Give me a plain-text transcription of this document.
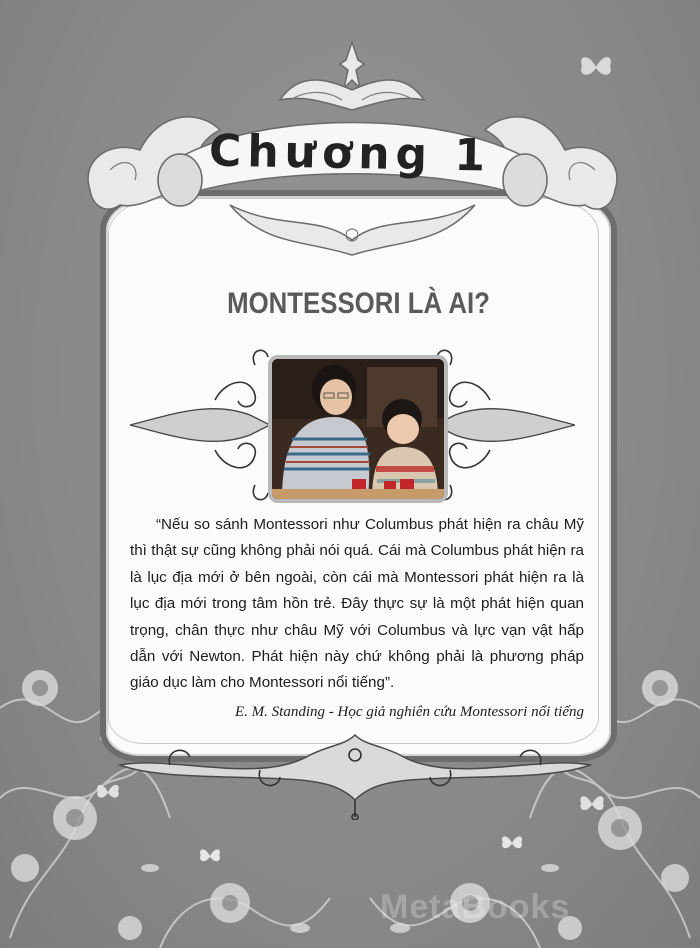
Chương 1
MONTESSORI LÀ AI?
“Nếu so sánh Montessori như Columbus phát hiện ra châu Mỹ thì thật sự cũng không phải nói quá. Cái mà Columbus phát hiện ra là lục địa mới ở bên ngoài, còn cái mà Montessori phát hiện ra là lục địa mới trong tâm hồn trẻ. Đây thực sự là một phát hiện quan trọng, chân thực như châu Mỹ với Columbus và lực vạn vật hấp dẫn với Newton. Phát hiện này chứ không phải là phương pháp giáo dục làm cho Montessori nổi tiếng”.
E. M. Standing - Học giả nghiên cứu Montessori nổi tiếng
MetaBooks
